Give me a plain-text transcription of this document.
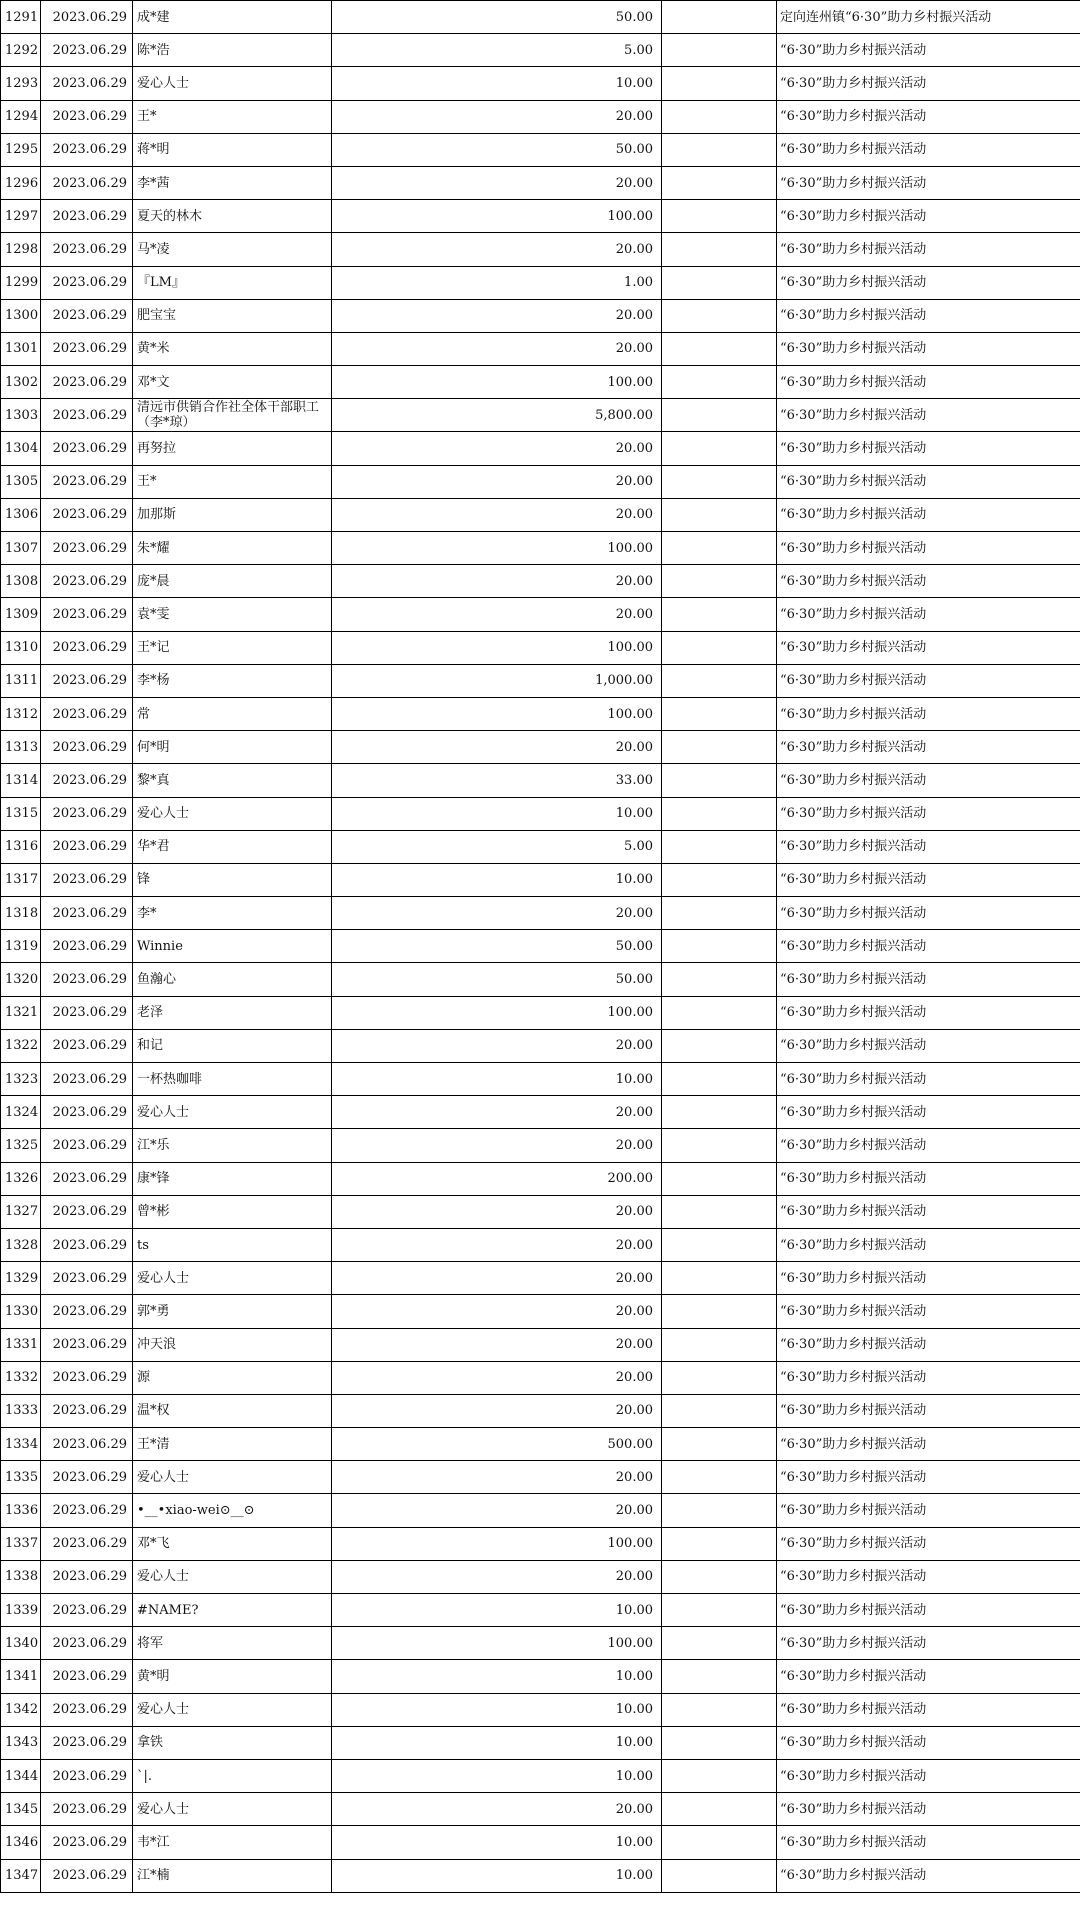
1291	2023.06.29	成*建	50.00		定向连州镇“6·30”助力乡村振兴活动
1292	2023.06.29	陈*浩	5.00		“6·30”助力乡村振兴活动
1293	2023.06.29	爱心人士	10.00		“6·30”助力乡村振兴活动
1294	2023.06.29	王*	20.00		“6·30”助力乡村振兴活动
1295	2023.06.29	蒋*明	50.00		“6·30”助力乡村振兴活动
1296	2023.06.29	李*茜	20.00		“6·30”助力乡村振兴活动
1297	2023.06.29	夏天的林木	100.00		“6·30”助力乡村振兴活动
1298	2023.06.29	马*凌	20.00		“6·30”助力乡村振兴活动
1299	2023.06.29	『LM』	1.00		“6·30”助力乡村振兴活动
1300	2023.06.29	肥宝宝	20.00		“6·30”助力乡村振兴活动
1301	2023.06.29	黄*米	20.00		“6·30”助力乡村振兴活动
1302	2023.06.29	邓*文	100.00		“6·30”助力乡村振兴活动
1303	2023.06.29	清远市供销合作社全体干部职工（李*琼）	5,800.00		“6·30”助力乡村振兴活动
1304	2023.06.29	再努拉	20.00		“6·30”助力乡村振兴活动
1305	2023.06.29	王*	20.00		“6·30”助力乡村振兴活动
1306	2023.06.29	加那斯	20.00		“6·30”助力乡村振兴活动
1307	2023.06.29	朱*耀	100.00		“6·30”助力乡村振兴活动
1308	2023.06.29	庞*晨	20.00		“6·30”助力乡村振兴活动
1309	2023.06.29	袁*雯	20.00		“6·30”助力乡村振兴活动
1310	2023.06.29	王*记	100.00		“6·30”助力乡村振兴活动
1311	2023.06.29	李*杨	1,000.00		“6·30”助力乡村振兴活动
1312	2023.06.29	常	100.00		“6·30”助力乡村振兴活动
1313	2023.06.29	何*明	20.00		“6·30”助力乡村振兴活动
1314	2023.06.29	黎*真	33.00		“6·30”助力乡村振兴活动
1315	2023.06.29	爱心人士	10.00		“6·30”助力乡村振兴活动
1316	2023.06.29	华*君	5.00		“6·30”助力乡村振兴活动
1317	2023.06.29	锋	10.00		“6·30”助力乡村振兴活动
1318	2023.06.29	李*	20.00		“6·30”助力乡村振兴活动
1319	2023.06.29	Winnie	50.00		“6·30”助力乡村振兴活动
1320	2023.06.29	鱼瀚心	50.00		“6·30”助力乡村振兴活动
1321	2023.06.29	老泽	100.00		“6·30”助力乡村振兴活动
1322	2023.06.29	和记	20.00		“6·30”助力乡村振兴活动
1323	2023.06.29	一杯热咖啡	10.00		“6·30”助力乡村振兴活动
1324	2023.06.29	爱心人士	20.00		“6·30”助力乡村振兴活动
1325	2023.06.29	江*乐	20.00		“6·30”助力乡村振兴活动
1326	2023.06.29	康*锋	200.00		“6·30”助力乡村振兴活动
1327	2023.06.29	曾*彬	20.00		“6·30”助力乡村振兴活动
1328	2023.06.29	ts	20.00		“6·30”助力乡村振兴活动
1329	2023.06.29	爱心人士	20.00		“6·30”助力乡村振兴活动
1330	2023.06.29	郭*勇	20.00		“6·30”助力乡村振兴活动
1331	2023.06.29	冲天浪	20.00		“6·30”助力乡村振兴活动
1332	2023.06.29	源	20.00		“6·30”助力乡村振兴活动
1333	2023.06.29	温*权	20.00		“6·30”助力乡村振兴活动
1334	2023.06.29	王*清	500.00		“6·30”助力乡村振兴活动
1335	2023.06.29	爱心人士	20.00		“6·30”助力乡村振兴活动
1336	2023.06.29	•__•xiao-wei⊙__⊙	20.00		“6·30”助力乡村振兴活动
1337	2023.06.29	邓*飞	100.00		“6·30”助力乡村振兴活动
1338	2023.06.29	爱心人士	20.00		“6·30”助力乡村振兴活动
1339	2023.06.29	#NAME?	10.00		“6·30”助力乡村振兴活动
1340	2023.06.29	将军	100.00		“6·30”助力乡村振兴活动
1341	2023.06.29	黄*明	10.00		“6·30”助力乡村振兴活动
1342	2023.06.29	爱心人士	10.00		“6·30”助力乡村振兴活动
1343	2023.06.29	拿铁	10.00		“6·30”助力乡村振兴活动
1344	2023.06.29	ˋ|.	10.00		“6·30”助力乡村振兴活动
1345	2023.06.29	爱心人士	20.00		“6·30”助力乡村振兴活动
1346	2023.06.29	韦*江	10.00		“6·30”助力乡村振兴活动
1347	2023.06.29	江*楠	10.00		“6·30”助力乡村振兴活动
